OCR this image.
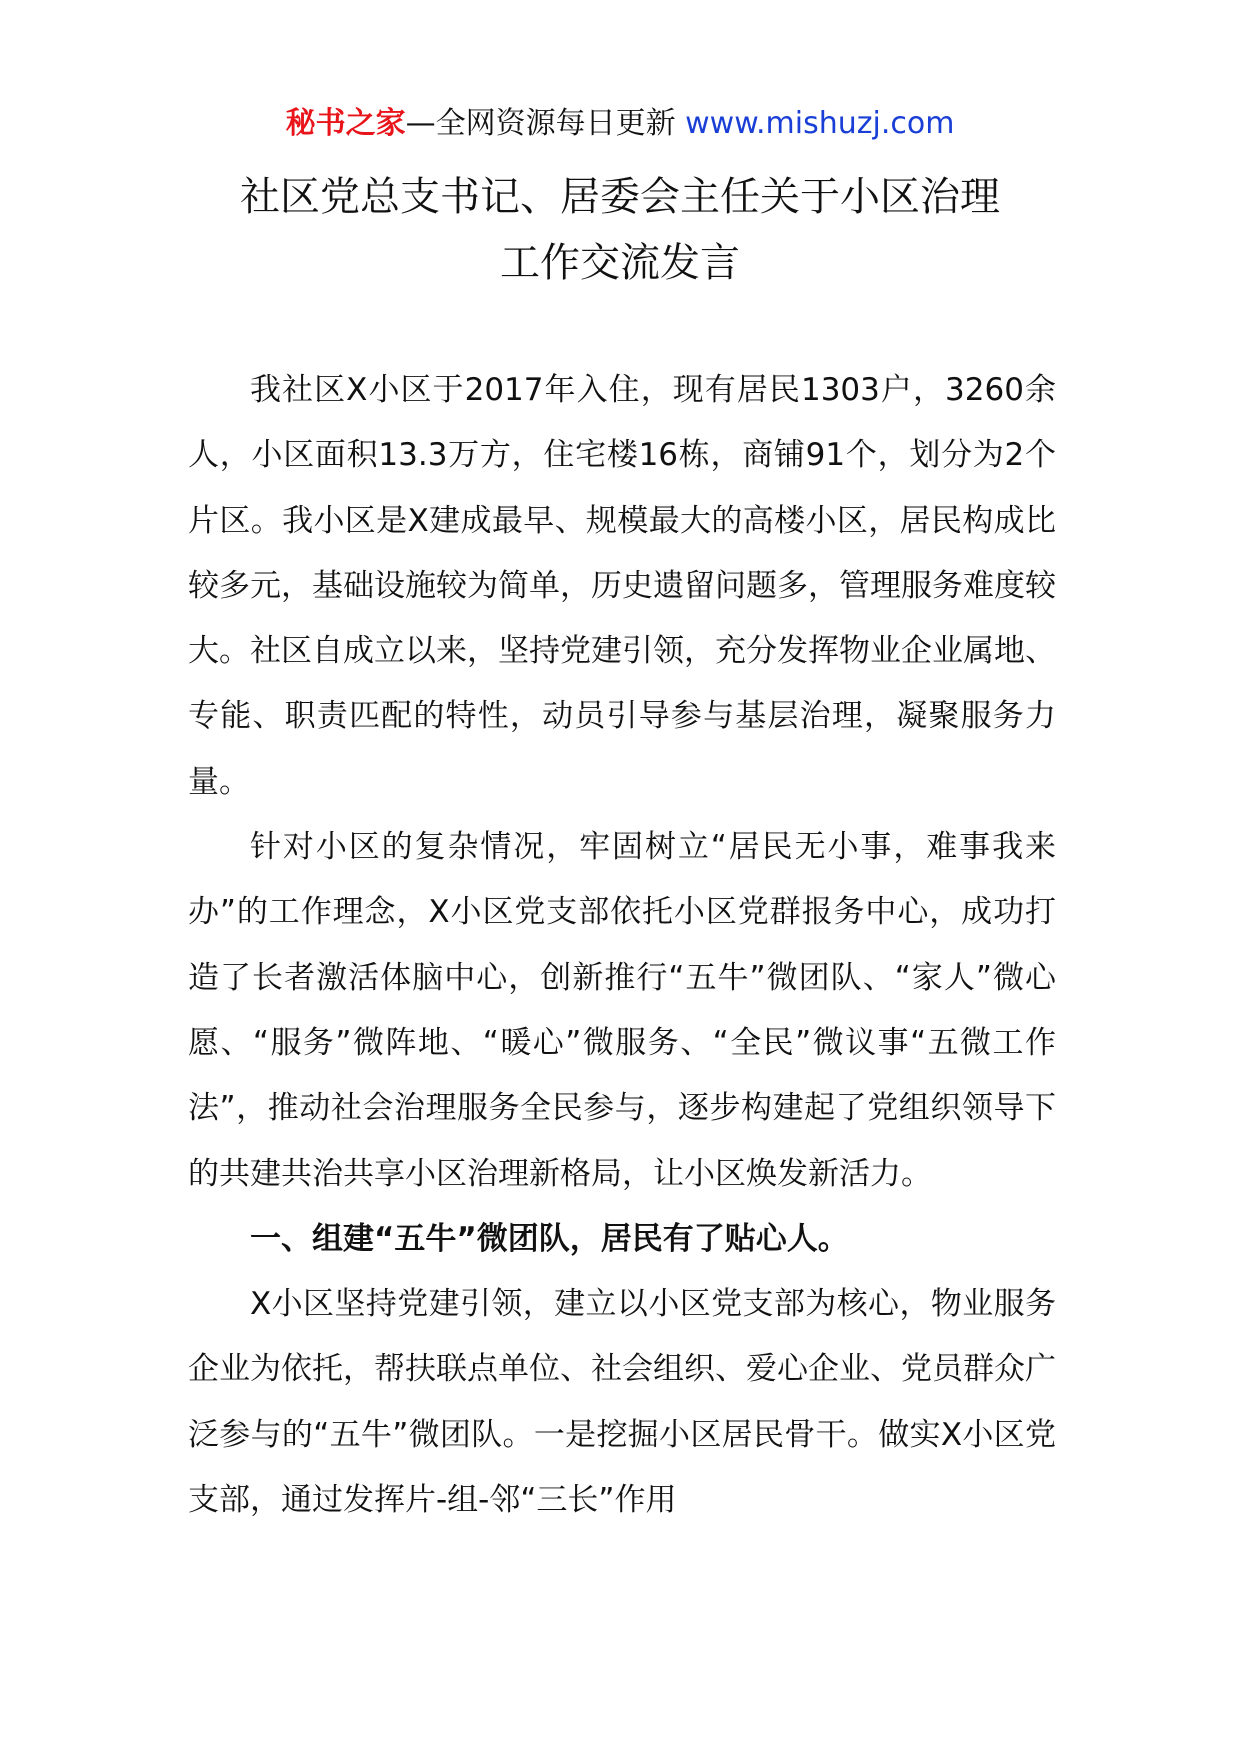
秘书之家—全网资源每日更新 www.mishuzj.com
社区党总支书记、居委会主任关于小区治理
工作交流发言

我社区X小区于2017年入住，现有居民1303户，3260余人，小区面积13.3万方，住宅楼16栋，商铺91个，划分为2个片区。我小区是X建成最早、规模最大的高楼小区，居民构成比较多元，基础设施较为简单，历史遗留问题多，管理服务难度较大。社区自成立以来，坚持党建引领，充分发挥物业企业属地、专能、职责匹配的特性，动员引导参与基层治理，凝聚服务力量。

针对小区的复杂情况，牢固树立“居民无小事，难事我来办”的工作理念，X小区党支部依托小区党群报务中心，成功打造了长者激活体脑中心，创新推行“五牛”微团队、“家人”微心愿、“服务”微阵地、“暖心”微服务、“全民”微议事“五微工作法”，推动社会治理服务全民参与，逐步构建起了党组织领导下的共建共治共享小区治理新格局，让小区焕发新活力。

一、组建“五牛”微团队，居民有了贴心人。

X小区坚持党建引领，建立以小区党支部为核心，物业服务企业为依托，帮扶联点单位、社会组织、爱心企业、党员群众广泛参与的“五牛”微团队。一是挖掘小区居民骨干。做实X小区党支部，通过发挥片-组-邻“三长”作用
